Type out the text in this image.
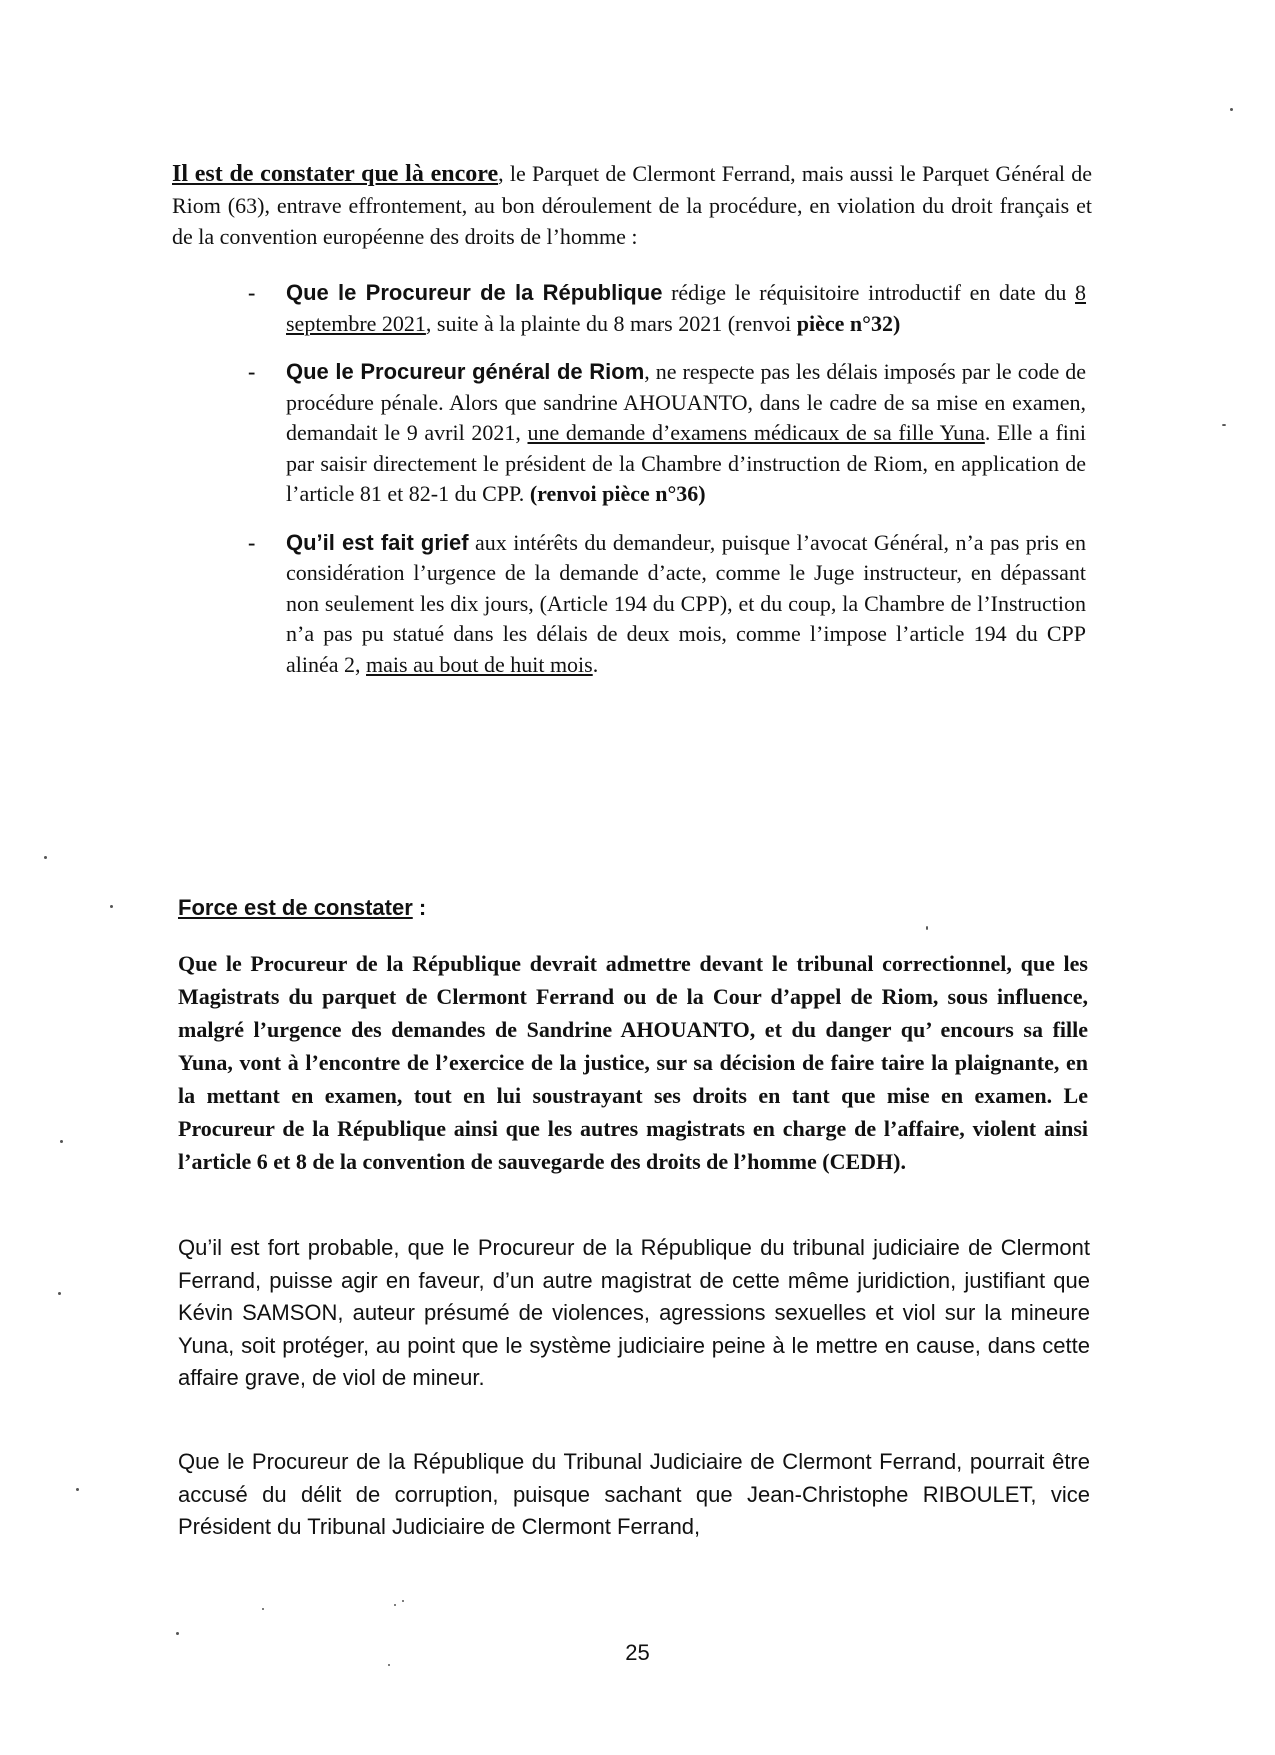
Il est de constater que là encore, le Parquet de Clermont Ferrand, mais aussi le Parquet Général de Riom (63), entrave effrontement, au bon déroulement de la procédure, en violation du droit français et de la convention européenne des droits de l’homme :
- Que le Procureur de la République rédige le réquisitoire introductif en date du 8 septembre 2021, suite à la plainte du 8 mars 2021 (renvoi pièce n°32)
- Que le Procureur général de Riom, ne respecte pas les délais imposés par le code de procédure pénale. Alors que sandrine AHOUANTO, dans le cadre de sa mise en examen, demandait le 9 avril 2021, une demande d’examens médicaux de sa fille Yuna. Elle a fini par saisir directement le président de la Chambre d’instruction de Riom, en application de l’article 81 et 82-1 du CPP. (renvoi pièce n°36)
- Qu’il est fait grief aux intérêts du demandeur, puisque l’avocat Général, n’a pas pris en considération l’urgence de la demande d’acte, comme le Juge instructeur, en dépassant non seulement les dix jours, (Article 194 du CPP), et du coup, la Chambre de l’Instruction n’a pas pu statué dans les délais de deux mois, comme l’impose l’article 194 du CPP alinéa 2, mais au bout de huit mois.
Force est de constater :
Que le Procureur de la République devrait admettre devant le tribunal correctionnel, que les Magistrats du parquet de Clermont Ferrand ou de la Cour d’appel de Riom, sous influence, malgré l’urgence des demandes de Sandrine AHOUANTO, et du danger qu’ encours sa fille Yuna, vont à l’encontre de l’exercice de la justice, sur sa décision de faire taire la plaignante, en la mettant en examen, tout en lui soustrayant ses droits en tant que mise en examen. Le Procureur de la République ainsi que les autres magistrats en charge de l’affaire, violent ainsi l’article 6 et 8 de la convention de sauvegarde des droits de l’homme (CEDH).
Qu’il est fort probable, que le Procureur de la République du tribunal judiciaire de Clermont Ferrand, puisse agir en faveur, d’un autre magistrat de cette même juridiction, justifiant que Kévin SAMSON, auteur présumé de violences, agressions sexuelles et viol sur la mineure Yuna, soit protéger, au point que le système judiciaire peine à le mettre en cause, dans cette affaire grave, de viol de mineur.
Que le Procureur de la République du Tribunal Judiciaire de Clermont Ferrand, pourrait être accusé du délit de corruption, puisque sachant que Jean-Christophe RIBOULET, vice Président du Tribunal Judiciaire de Clermont Ferrand,
25
